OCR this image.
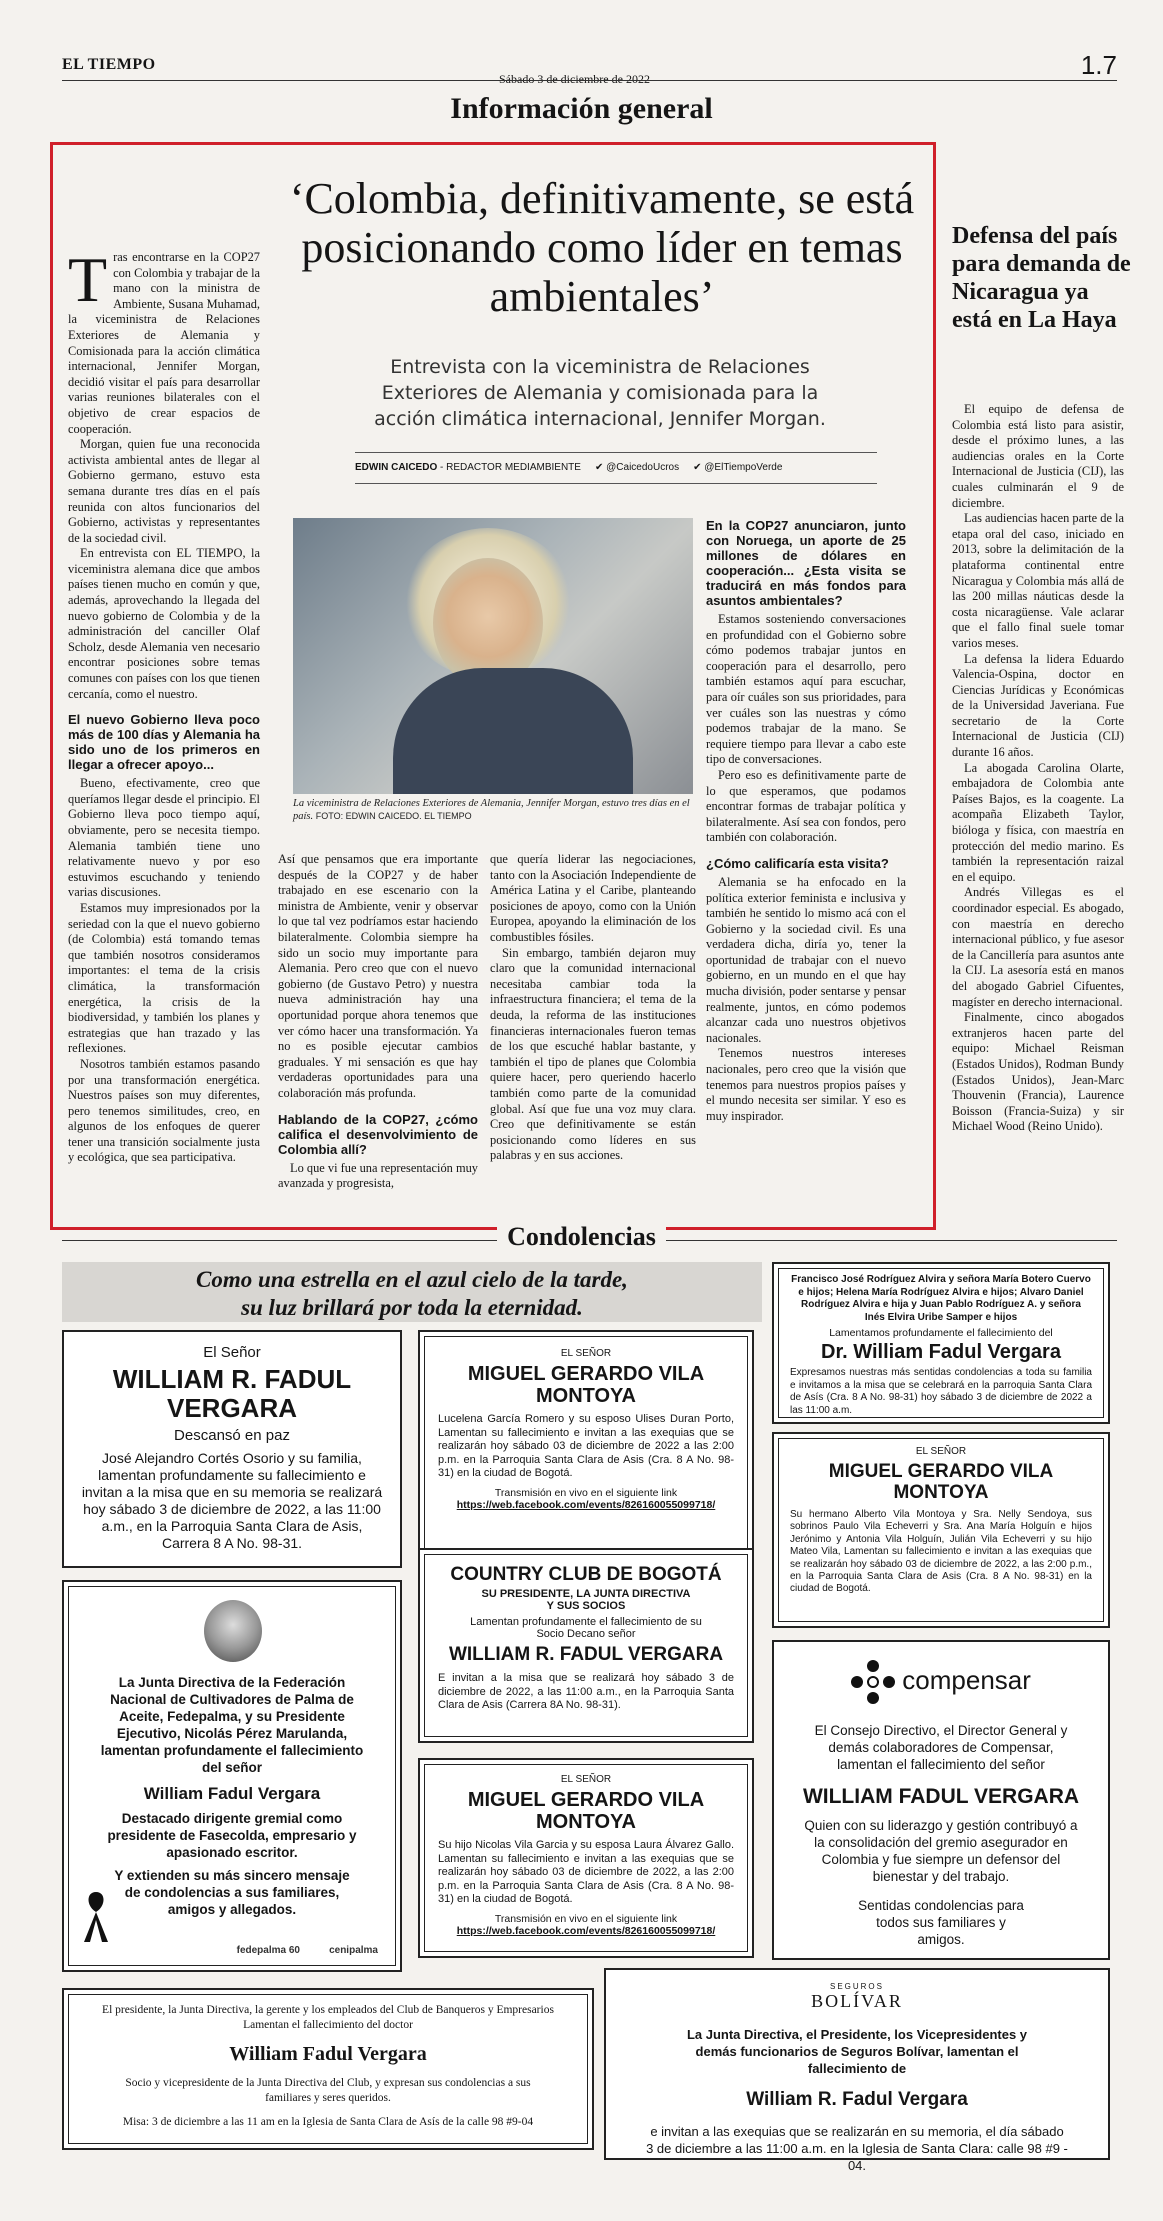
EL TIEMPO
Sábado 3 de diciembre de 2022	1.7
Información general
‘Colombia, definitivamente, se está posicionando como líder en temas ambientales’
Entrevista con la viceministra de Relaciones Exteriores de Alemania y comisionada para la acción climática internacional, Jennifer Morgan.
EDWIN CAICEDO - REDACTOR MEDIAMBIENTE ✔ @CaicedoUcros ✔ @ElTiempoVerde
T ras encontrarse en la COP27 con Colombia y trabajar de la mano con la ministra de Ambiente, Susana Muhamad, la viceministra de Relaciones Exteriores de Alemania y Comisionada para la acción climática internacional, Jennifer Morgan, decidió visitar el país para desarrollar varias reuniones bilaterales con el objetivo de crear espacios de cooperación.

Morgan, quien fue una reconocida activista ambiental antes de llegar al Gobierno germano, estuvo esta semana durante tres días en el país reunida con altos funcionarios del Gobierno, activistas y representantes de la sociedad civil.

En entrevista con EL TIEMPO, la viceministra alemana dice que ambos países tienen mucho en común y que, además, aprovechando la llegada del nuevo gobierno de Colombia y de la administración del canciller Olaf Scholz, desde Alemania ven necesario encontrar posiciones sobre temas comunes con países con los que tienen cercanía, como el nuestro.

El nuevo Gobierno lleva poco más de 100 días y Alemania ha sido uno de los primeros en llegar a ofrecer apoyo...

Bueno, efectivamente, creo que queríamos llegar desde el principio. El Gobierno lleva poco tiempo aquí, obviamente, pero se necesita tiempo. Alemania también tiene uno relativamente nuevo y por eso estuvimos escuchando y teniendo varias discusiones.

Estamos muy impresionados por la seriedad con la que el nuevo gobierno (de Colombia) está tomando temas que también nosotros consideramos importantes: el tema de la crisis climática, la transformación energética, la crisis de la biodiversidad, y también los planes y estrategias que han trazado y las reflexiones.

Nosotros también estamos pasando por una transformación energética. Nuestros países son muy diferentes, pero tenemos similitudes, creo, en algunos de los enfoques de querer tener una transición socialmente justa y ecológica, que sea participativa.

La viceministra de Relaciones Exteriores de Alemania, Jennifer Morgan, estuvo tres días en el país. FOTO: EDWIN CAICEDO. EL TIEMPO

Así que pensamos que era importante después de la COP27 y de haber trabajado en ese escenario con la ministra de Ambiente, venir y observar lo que tal vez podríamos estar haciendo bilateralmente. Colombia siempre ha sido un socio muy importante para Alemania. Pero creo que con el nuevo gobierno (de Gustavo Petro) y nuestra nueva administración hay una oportunidad porque ahora tenemos que ver cómo hacer una transformación. Ya no es posible ejecutar cambios graduales. Y mi sensación es que hay verdaderas oportunidades para una colaboración más profunda.

Hablando de la COP27, ¿cómo califica el desenvolvimiento de Colombia allí?

Lo que vi fue una representación muy avanzada y progresista,

que quería liderar las negociaciones, tanto con la Asociación Independiente de América Latina y el Caribe, planteando posiciones de apoyo, como con la Unión Europea, apoyando la eliminación de los combustibles fósiles.

Sin embargo, también dejaron muy claro que la comunidad internacional necesitaba cambiar toda la infraestructura financiera; el tema de la deuda, la reforma de las instituciones financieras internacionales fueron temas de los que escuché hablar bastante, y también el tipo de planes que Colombia quiere hacer, pero queriendo hacerlo también como parte de la comunidad global. Así que fue una voz muy clara. Creo que definitivamente se están posicionando como líderes en sus palabras y en sus acciones.

En la COP27 anunciaron, junto con Noruega, un aporte de 25 millones de dólares en cooperación... ¿Esta visita se traducirá en más fondos para asuntos ambientales?

Estamos sosteniendo conversaciones en profundidad con el Gobierno sobre cómo podemos trabajar juntos en cooperación para el desarrollo, pero también estamos aquí para escuchar, para oír cuáles son sus prioridades, para ver cuáles son las nuestras y cómo podemos trabajar de la mano. Se requiere tiempo para llevar a cabo este tipo de conversaciones.

Pero eso es definitivamente parte de lo que esperamos, que podamos encontrar formas de trabajar política y bilateralmente. Así sea con fondos, pero también con colaboración.

¿Cómo calificaría esta visita?

Alemania se ha enfocado en la política exterior feminista e inclusiva y también he sentido lo mismo acá con el Gobierno y la sociedad civil. Es una verdadera dicha, diría yo, tener la oportunidad de trabajar con el nuevo gobierno, en un mundo en el que hay mucha división, poder sentarse y pensar realmente, juntos, en cómo podemos alcanzar cada uno nuestros objetivos nacionales.

Tenemos nuestros intereses nacionales, pero creo que la visión que tenemos para nuestros propios países y el mundo necesita ser similar. Y eso es muy inspirador.

Defensa del país para demanda de Nicaragua ya está en La Haya

El equipo de defensa de Colombia está listo para asistir, desde el próximo lunes, a las audiencias orales en la Corte Internacional de Justicia (CIJ), las cuales culminarán el 9 de diciembre.

Las audiencias hacen parte de la etapa oral del caso, iniciado en 2013, sobre la delimitación de la plataforma continental entre Nicaragua y Colombia más allá de las 200 millas náuticas desde la costa nicaragüense. Vale aclarar que el fallo final suele tomar varios meses.

La defensa la lidera Eduardo Valencia-Ospina, doctor en Ciencias Jurídicas y Económicas de la Universidad Javeriana. Fue secretario de la Corte Internacional de Justicia (CIJ) durante 16 años.

La abogada Carolina Olarte, embajadora de Colombia ante Países Bajos, es la coagente. La acompaña Elizabeth Taylor, bióloga y física, con maestría en protección del medio marino. Es también la representación raizal en el equipo.

Andrés Villegas es el coordinador especial. Es abogado, con maestría en derecho internacional público, y fue asesor de la Cancillería para asuntos ante la CIJ. La asesoría está en manos del abogado Gabriel Cifuentes, magíster en derecho internacional.

Finalmente, cinco abogados extranjeros hacen parte del equipo: Michael Reisman (Estados Unidos), Rodman Bundy (Estados Unidos), Jean-Marc Thouvenin (Francia), Laurence Boisson (Francia-Suiza) y sir Michael Wood (Reino Unido).

Condolencias
Como una estrella en el azul cielo de la tarde,
su luz brillará por toda la eternidad.
El Señor
WILLIAM R. FADUL VERGARA
Descansó en paz
José Alejandro Cortés Osorio y su familia, lamentan profundamente su fallecimiento e invitan a la misa que en su memoria se realizará hoy sábado 3 de diciembre de 2022, a las 11:00 a.m., en la Parroquia Santa Clara de Asis, Carrera 8 A No. 98-31.
EL SEÑOR
MIGUEL GERARDO VILA MONTOYA
Lucelena García Romero y su esposo Ulises Duran Porto, Lamentan su fallecimiento e invitan a las exequias que se realizarán hoy sábado 03 de diciembre de 2022 a las 2:00 p.m. en la Parroquia Santa Clara de Asis (Cra. 8 A No. 98-31) en la ciudad de Bogotá.
Transmisión en vivo en el siguiente link
https://web.facebook.com/events/826160055099718/
COUNTRY CLUB DE BOGOTÁ
SU PRESIDENTE, LA JUNTA DIRECTIVA Y SUS SOCIOS
Lamentan profundamente el fallecimiento de su Socio Decano señor
WILLIAM R. FADUL VERGARA
E invitan a la misa que se realizará hoy sábado 3 de diciembre de 2022, a las 11:00 a.m., en la Parroquia Santa Clara de Asis (Carrera 8A No. 98-31).
EL SEÑOR
MIGUEL GERARDO VILA MONTOYA
Su hijo Nicolas Vila Garcia y su esposa Laura Álvarez Gallo. Lamentan su fallecimiento e invitan a las exequias que se realizarán hoy sábado 03 de diciembre de 2022, a las 2:00 p.m. en la Parroquia Santa Clara de Asis (Cra. 8 A No. 98-31) en la ciudad de Bogotá.
Transmisión en vivo en el siguiente link
https://web.facebook.com/events/826160055099718/
La Junta Directiva de la Federación Nacional de Cultivadores de Palma de Aceite, Fedepalma, y su Presidente Ejecutivo, Nicolás Pérez Marulanda, lamentan profundamente el fallecimiento del señor
William Fadul Vergara
Destacado dirigente gremial como presidente de Fasecolda, empresario y apasionado escritor.
Y extienden su más sincero mensaje de condolencias a sus familiares, amigos y allegados.
fedepalma 60	cenipalma
Francisco José Rodríguez Alvira y señora María Botero Cuervo e hijos; Helena María Rodríguez Alvira e hijos; Alvaro Daniel Rodríguez Alvira e hija y Juan Pablo Rodríguez A. y señora Inés Elvira Uribe Samper e hijos
Lamentamos profundamente el fallecimiento del
Dr. William Fadul Vergara
Expresamos nuestras más sentidas condolencias a toda su familia e invitamos a la misa que se celebrará en la parroquia Santa Clara de Asís (Cra. 8 A No. 98-31) hoy sábado 3 de diciembre de 2022 a las 11:00 a.m.
EL SEÑOR
MIGUEL GERARDO VILA MONTOYA
Su hermano Alberto Vila Montoya y Sra. Nelly Sendoya, sus sobrinos Paulo Vila Echeverri y Sra. Ana María Holguín e hijos Jerónimo y Antonia Vila Holguín, Julián Vila Echeverri y su hijo Mateo Vila, Lamentan su fallecimiento e invitan a las exequias que se realizarán hoy sábado 03 de diciembre de 2022, a las 2:00 p.m., en la Parroquia Santa Clara de Asis (Cra. 8 A No. 98-31) en la ciudad de Bogotá.
compensar
El Consejo Directivo, el Director General y demás colaboradores de Compensar, lamentan el fallecimiento del señor
WILLIAM FADUL VERGARA
Quien con su liderazgo y gestión contribuyó a la consolidación del gremio asegurador en Colombia y fue siempre un defensor del bienestar y del trabajo.
Sentidas condolencias para todos sus familiares y amigos.
El presidente, la Junta Directiva, la gerente y los empleados del Club de Banqueros y Empresarios
Lamentan el fallecimiento del doctor
William Fadul Vergara
Socio y vicepresidente de la Junta Directiva del Club, y expresan sus condolencias a sus familiares y seres queridos.
Misa: 3 de diciembre a las 11 am en la Iglesia de Santa Clara de Asís de la calle 98 #9-04
SEGUROS
BOLÍVAR
La Junta Directiva, el Presidente, los Vicepresidentes y demás funcionarios de Seguros Bolívar, lamentan el fallecimiento de
William R. Fadul Vergara
e invitan a las exequias que se realizarán en su memoria, el día sábado 3 de diciembre a las 11:00 a.m. en la Iglesia de Santa Clara: calle 98 #9 - 04.
